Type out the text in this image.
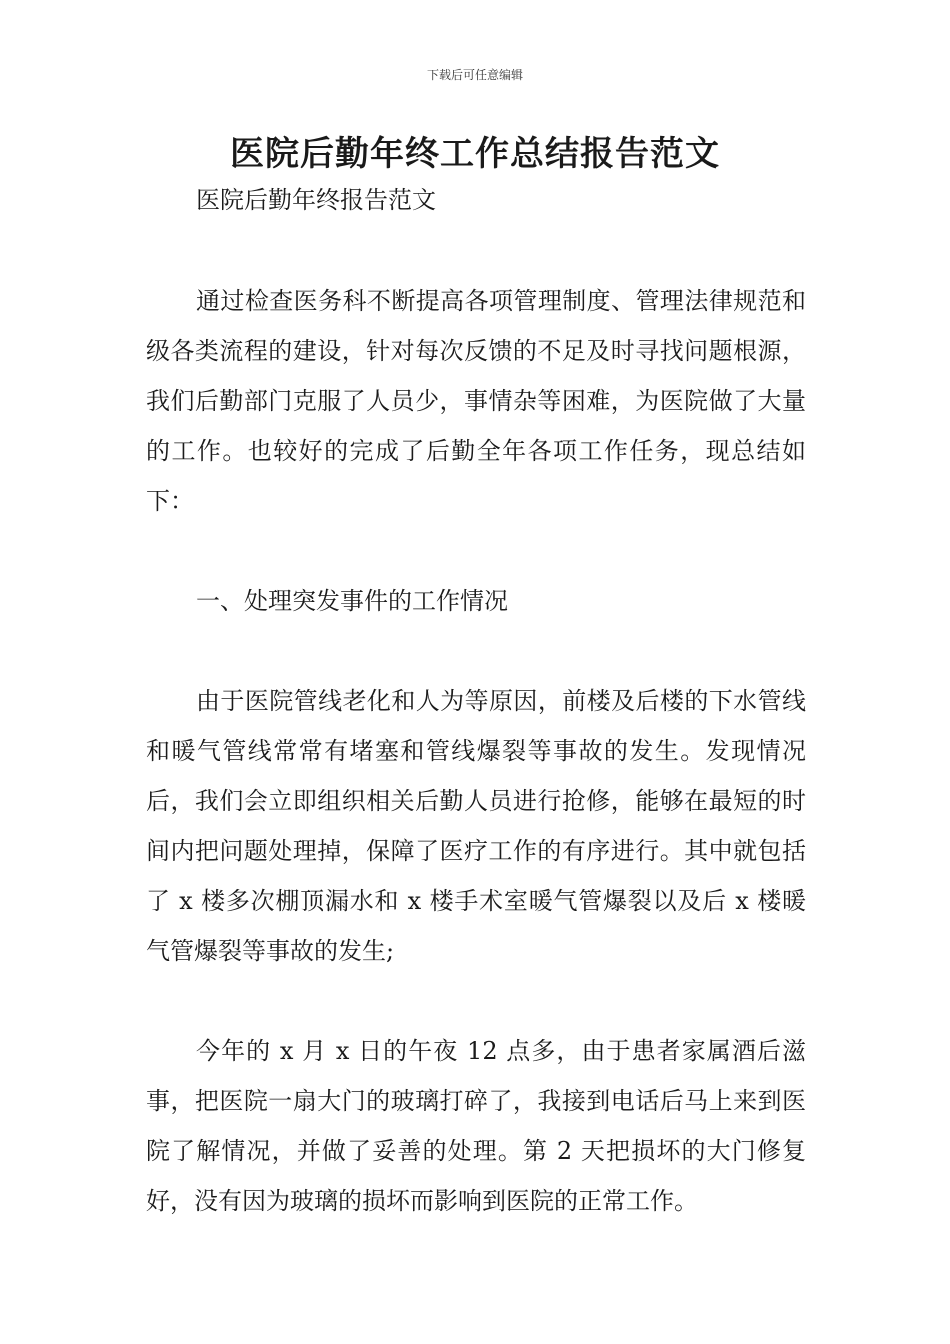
下载后可任意编辑
医院后勤年终工作总结报告范文

医院后勤年终报告范文

通过检查医务科不断提高各项管理制度、管理法律规范和级各类流程的建设，针对每次反馈的不足及时寻找问题根源，我们后勤部门克服了人员少，事情杂等困难，为医院做了大量的工作。也较好的完成了后勤全年各项工作任务，现总结如下：

一、处理突发事件的工作情况

由于医院管线老化和人为等原因，前楼及后楼的下水管线和暖气管线常常有堵塞和管线爆裂等事故的发生。发现情况后，我们会立即组织相关后勤人员进行抢修，能够在最短的时间内把问题处理掉，保障了医疗工作的有序进行。其中就包括了 x 楼多次棚顶漏水和 x 楼手术室暖气管爆裂以及后 x 楼暖气管爆裂等事故的发生;

今年的 x 月 x 日的午夜 12 点多，由于患者家属酒后滋事，把医院一扇大门的玻璃打碎了，我接到电话后马上来到医院了解情况，并做了妥善的处理。第 2 天把损坏的大门修复好，没有因为玻璃的损坏而影响到医院的正常工作。
